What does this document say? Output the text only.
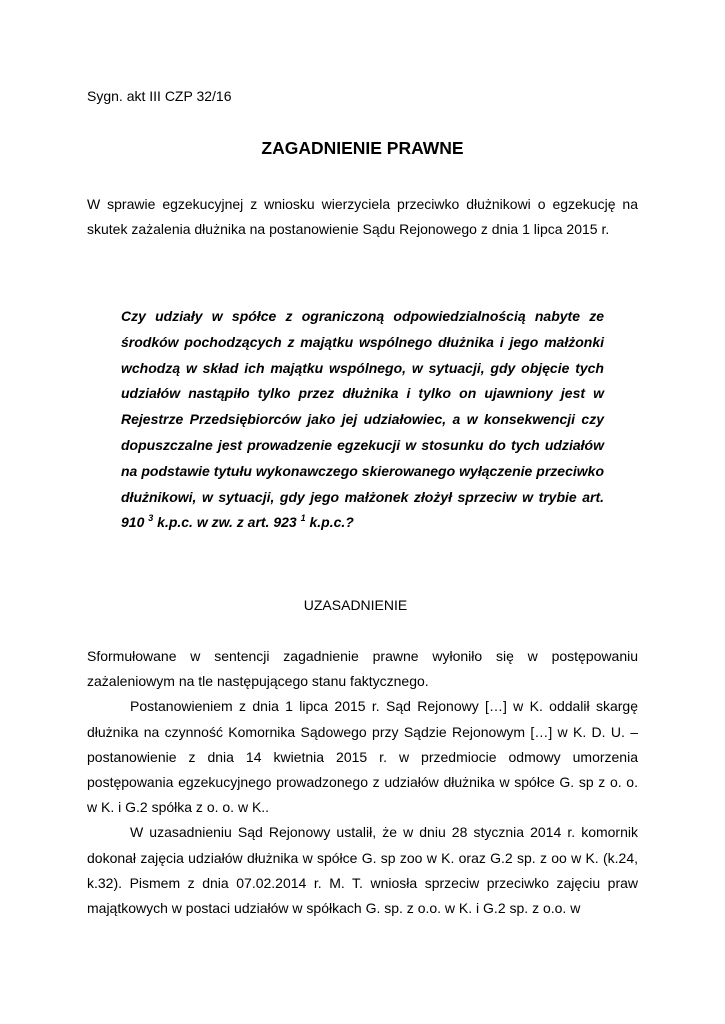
Sygn. akt III CZP 32/16
ZAGADNIENIE PRAWNE

W sprawie egzekucyjnej z wniosku wierzyciela przeciwko dłużnikowi o egzekucję na skutek zażalenia dłużnika na postanowienie Sądu Rejonowego z dnia 1 lipca 2015 r.

Czy udziały w spółce z ograniczoną odpowiedzialnością nabyte ze środków pochodzących z majątku wspólnego dłużnika i jego małżonki wchodzą w skład ich majątku wspólnego, w sytuacji, gdy objęcie tych udziałów nastąpiło tylko przez dłużnika i tylko on ujawniony jest w Rejestrze Przedsiębiorców jako jej udziałowiec, a w konsekwencji czy dopuszczalne jest prowadzenie egzekucji w stosunku do tych udziałów na podstawie tytułu wykonawczego skierowanego wyłączenie przeciwko dłużnikowi, w sytuacji, gdy jego małżonek złożył sprzeciw w trybie art. 910 $^3$ k.p.c. w zw. z art. 923 $^1$ k.p.c.?

UZASADNIENIE

Sformułowane w sentencji zagadnienie prawne wyłoniło się w postępowaniu zażaleniowym na tle następującego stanu faktycznego.

Postanowieniem z dnia 1 lipca 2015 r. Sąd Rejonowy […] w K. oddalił skargę dłużnika na czynność Komornika Sądowego przy Sądzie Rejonowym […] w K. D. U. – postanowienie z dnia 14 kwietnia 2015 r. w przedmiocie odmowy umorzenia postępowania egzekucyjnego prowadzonego z udziałów dłużnika w spółce G. sp z o. o. w K. i G.2 spółka z o. o. w K..

W uzasadnieniu Sąd Rejonowy ustalił, że w dniu 28 stycznia 2014 r. komornik dokonał zajęcia udziałów dłużnika w spółce G. sp zoo w K. oraz G.2 sp. z oo w K. (k.24, k.32). Pismem z dnia 07.02.2014 r. M. T. wniosła sprzeciw przeciwko zajęciu praw majątkowych w postaci udziałów w spółkach G. sp. z o.o. w K. i G.2 sp. z o.o. w
